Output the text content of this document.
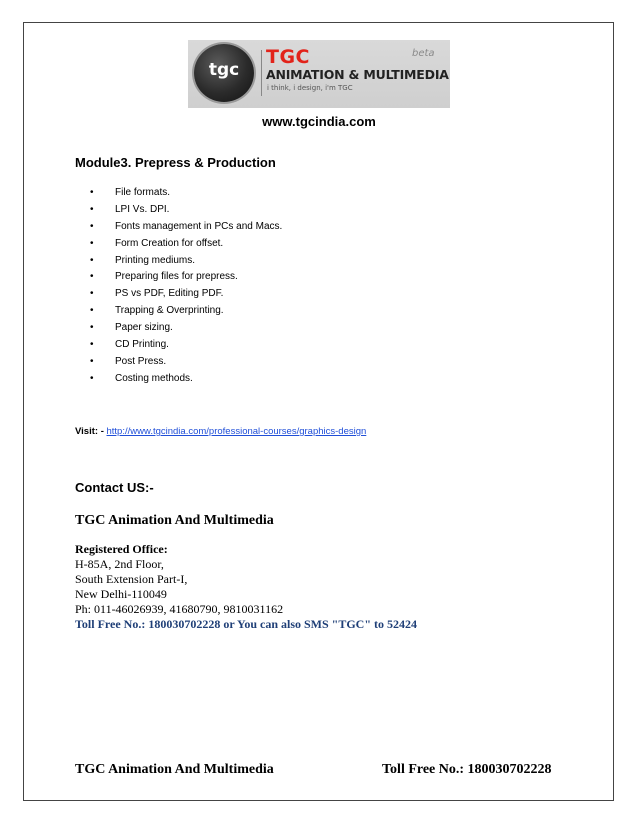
tgc
TGC	beta
ANIMATION & MULTIMEDIA
i think, i design, i'm TGC
www.tgcindia.com
Module3. Prepress & Production
•	File formats.
•	LPI Vs. DPI.
•	Fonts management in PCs and Macs.
•	Form Creation for offset.
•	Printing mediums.
•	Preparing files for prepress.
•	PS vs PDF, Editing PDF.
•	Trapping & Overprinting.
•	Paper sizing.
•	CD Printing.
•	Post Press.
•	Costing methods.
Visit: - http://www.tgcindia.com/professional-courses/graphics-design
Contact US:-
TGC Animation And Multimedia
Registered Office:
H-85A, 2nd Floor,
South Extension Part-I,
New Delhi-110049
Ph: 011-46026939, 41680790, 9810031162
Toll Free No.: 180030702228 or You can also SMS "TGC" to 52424
TGC Animation And Multimedia	Toll Free No.: 180030702228
